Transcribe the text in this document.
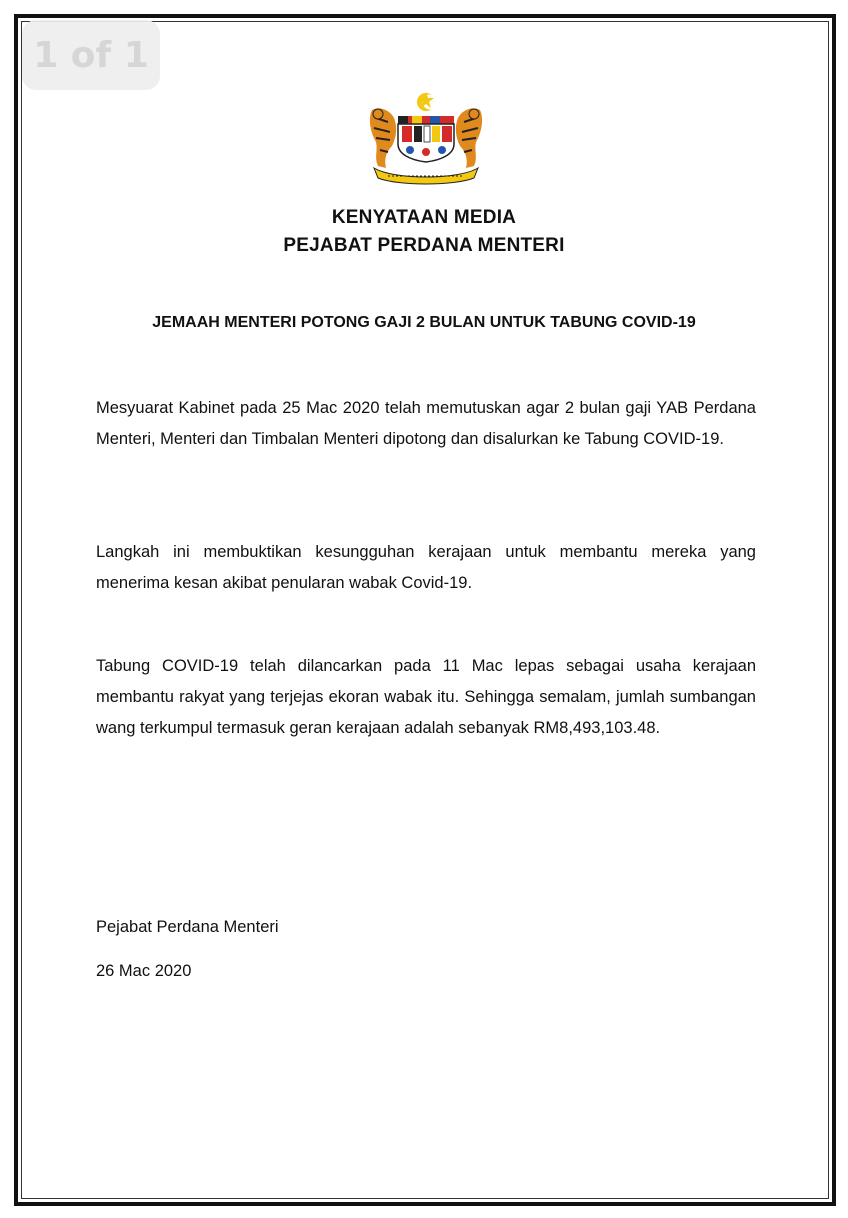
1 of 1
KENYATAAN MEDIA
PEJABAT PERDANA MENTERI
JEMAAH MENTERI POTONG GAJI 2 BULAN UNTUK TABUNG COVID-19
Mesyuarat Kabinet pada 25 Mac 2020 telah memutuskan agar 2 bulan gaji YAB Perdana Menteri, Menteri dan Timbalan Menteri dipotong dan disalurkan ke Tabung COVID-19.
Langkah ini membuktikan kesungguhan kerajaan untuk membantu mereka yang menerima kesan akibat penularan wabak Covid-19.
Tabung COVID-19 telah dilancarkan pada 11 Mac lepas sebagai usaha kerajaan membantu rakyat yang terjejas ekoran wabak itu. Sehingga semalam, jumlah sumbangan wang terkumpul termasuk geran kerajaan adalah sebanyak RM8,493,103.48.
Pejabat Perdana Menteri
26 Mac 2020
